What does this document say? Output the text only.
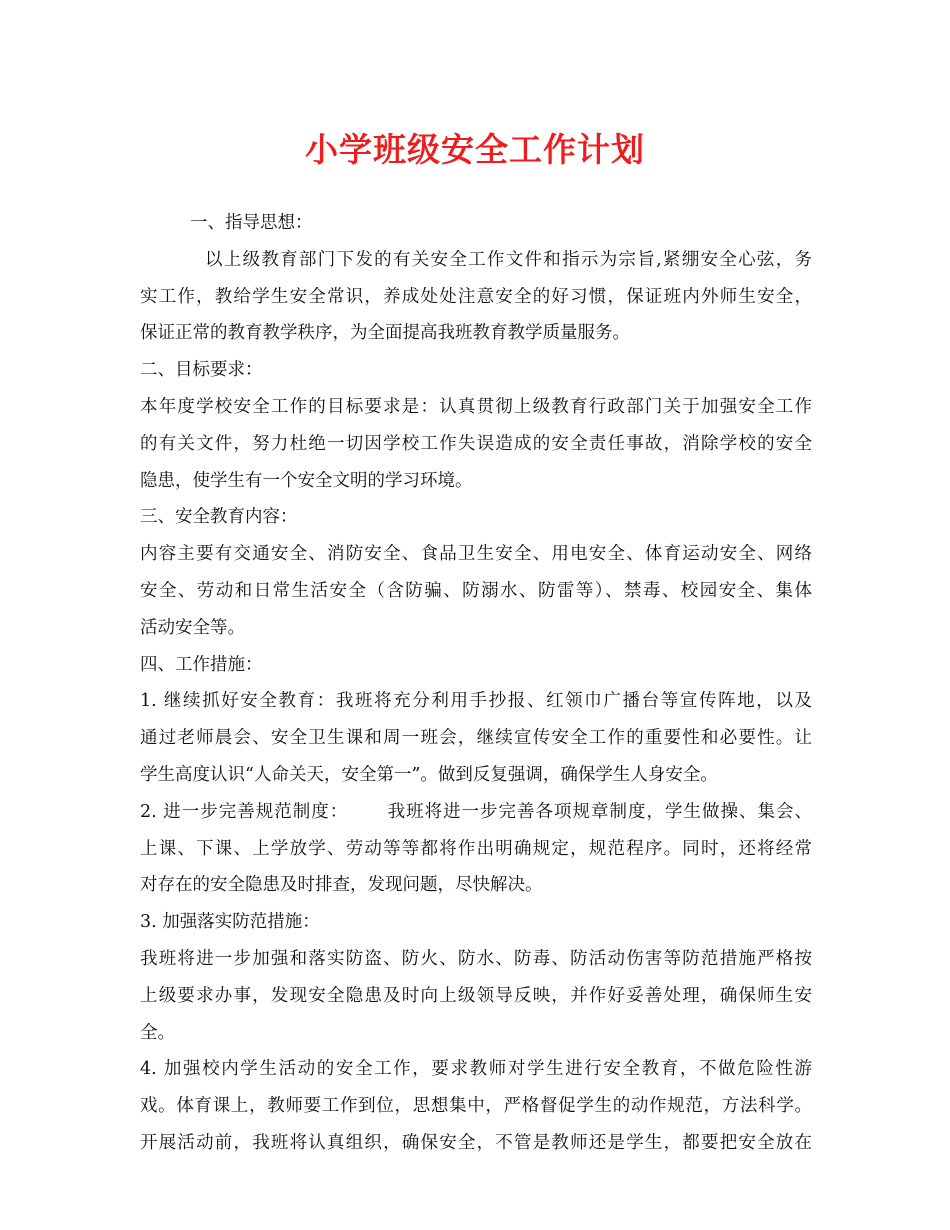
小学班级安全工作计划
一、指导思想：
以上级教育部门下发的有关安全工作文件和指示为宗旨,紧绷安全心弦，务
实工作，教给学生安全常识，养成处处注意安全的好习惯，保证班内外师生安全，
保证正常的教育教学秩序，为全面提高我班教育教学质量服务。
二、目标要求：
本年度学校安全工作的目标要求是：认真贯彻上级教育行政部门关于加强安全工作
的有关文件，努力杜绝一切因学校工作失误造成的安全责任事故，消除学校的安全
隐患，使学生有一个安全文明的学习环境。
三、安全教育内容：
内容主要有交通安全、消防安全、食品卫生安全、用电安全、体育运动安全、网络
安全、劳动和日常生活安全（含防骗、防溺水、防雷等）、禁毒、校园安全、集体
活动安全等。
四、工作措施：
1. 继续抓好安全教育：我班将充分利用手抄报、红领巾广播台等宣传阵地，以及
通过老师晨会、安全卫生课和周一班会，继续宣传安全工作的重要性和必要性。让
学生高度认识“人命关天，安全第一”。做到反复强调，确保学生人身安全。
2. 进一步完善规范制度：      我班将进一步完善各项规章制度，学生做操、集会、
上课、下课、上学放学、劳动等等都将作出明确规定，规范程序。同时，还将经常
对存在的安全隐患及时排查，发现问题，尽快解决。
3. 加强落实防范措施：
我班将进一步加强和落实防盗、防火、防水、防毒、防活动伤害等防范措施严格按
上级要求办事，发现安全隐患及时向上级领导反映，并作好妥善处理，确保师生安
全。
4. 加强校内学生活动的安全工作，要求教师对学生进行安全教育，不做危险性游
戏。体育课上，教师要工作到位，思想集中，严格督促学生的动作规范，方法科学。
开展活动前，我班将认真组织，确保安全，不管是教师还是学生，都要把安全放在
